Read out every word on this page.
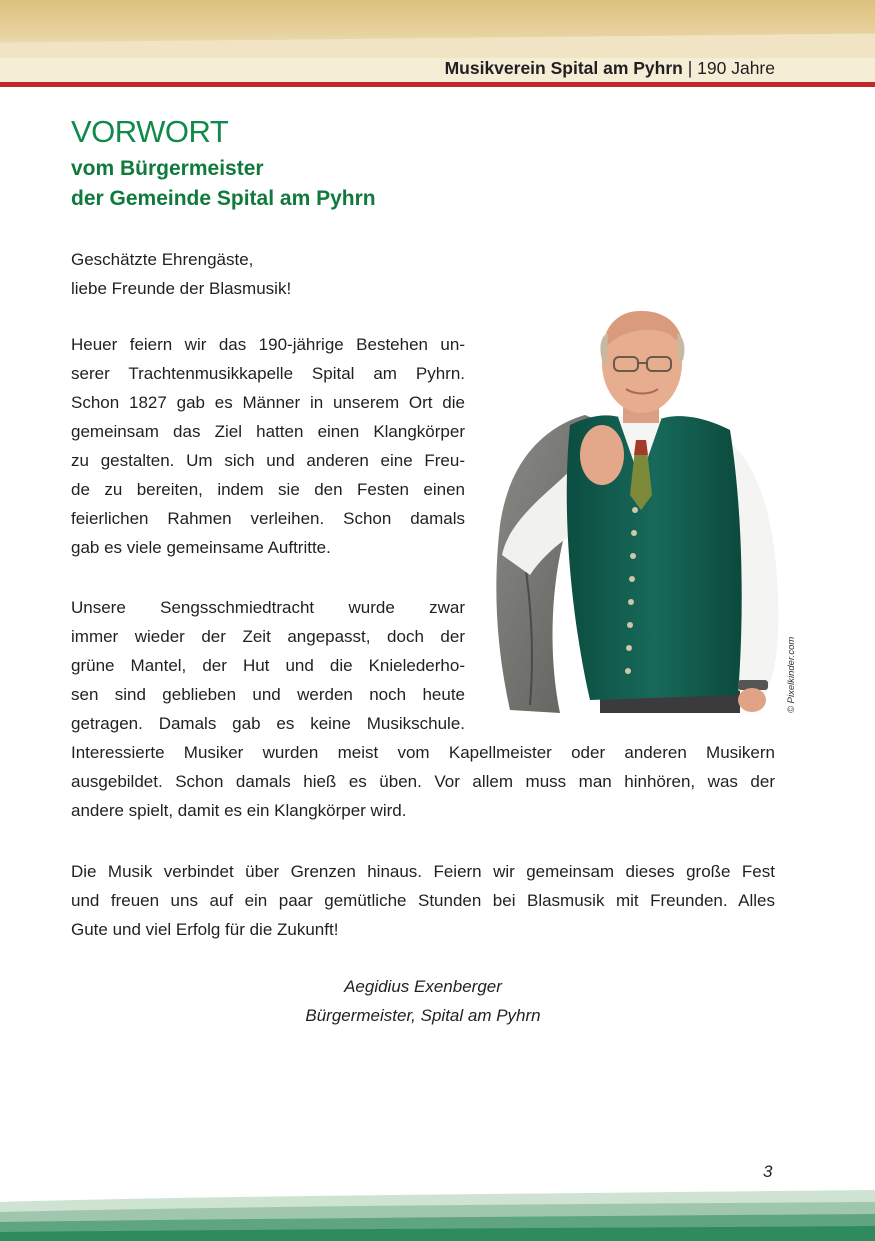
Musikverein Spital am Pyhrn | 190 Jahre
VORWORT
vom Bürgermeister
der Gemeinde Spital am Pyhrn

Geschätzte Ehrengäste,
liebe Freunde der Blasmusik!

Heuer feiern wir das 190-jährige Bestehen un-
serer Trachtenmusikkapelle Spital am Pyhrn.
Schon 1827 gab es Männer in unserem Ort die
gemeinsam das Ziel hatten einen Klangkörper
zu gestalten. Um sich und anderen eine Freu-
de zu bereiten, indem sie den Festen einen
feierlichen Rahmen verleihen. Schon damals
gab es viele gemeinsame Auftritte.

Unsere Sengsschmiedtracht wurde zwar
immer wieder der Zeit angepasst, doch der
grüne Mantel, der Hut und die Knielederho-
sen sind geblieben und werden noch heute
getragen. Damals gab es keine Musikschule.

Interessierte Musiker wurden meist vom Kapellmeister oder anderen Musikern
ausgebildet. Schon damals hieß es üben. Vor allem muss man hinhören, was der
andere spielt, damit es ein Klangkörper wird.

Die Musik verbindet über Grenzen hinaus. Feiern wir gemeinsam dieses große Fest
und freuen uns auf ein paar gemütliche Stunden bei Blasmusik mit Freunden. Alles
Gute und viel Erfolg für die Zukunft!

Aegidius Exenberger
Bürgermeister, Spital am Pyhrn

© Pixelkinder.com
3
